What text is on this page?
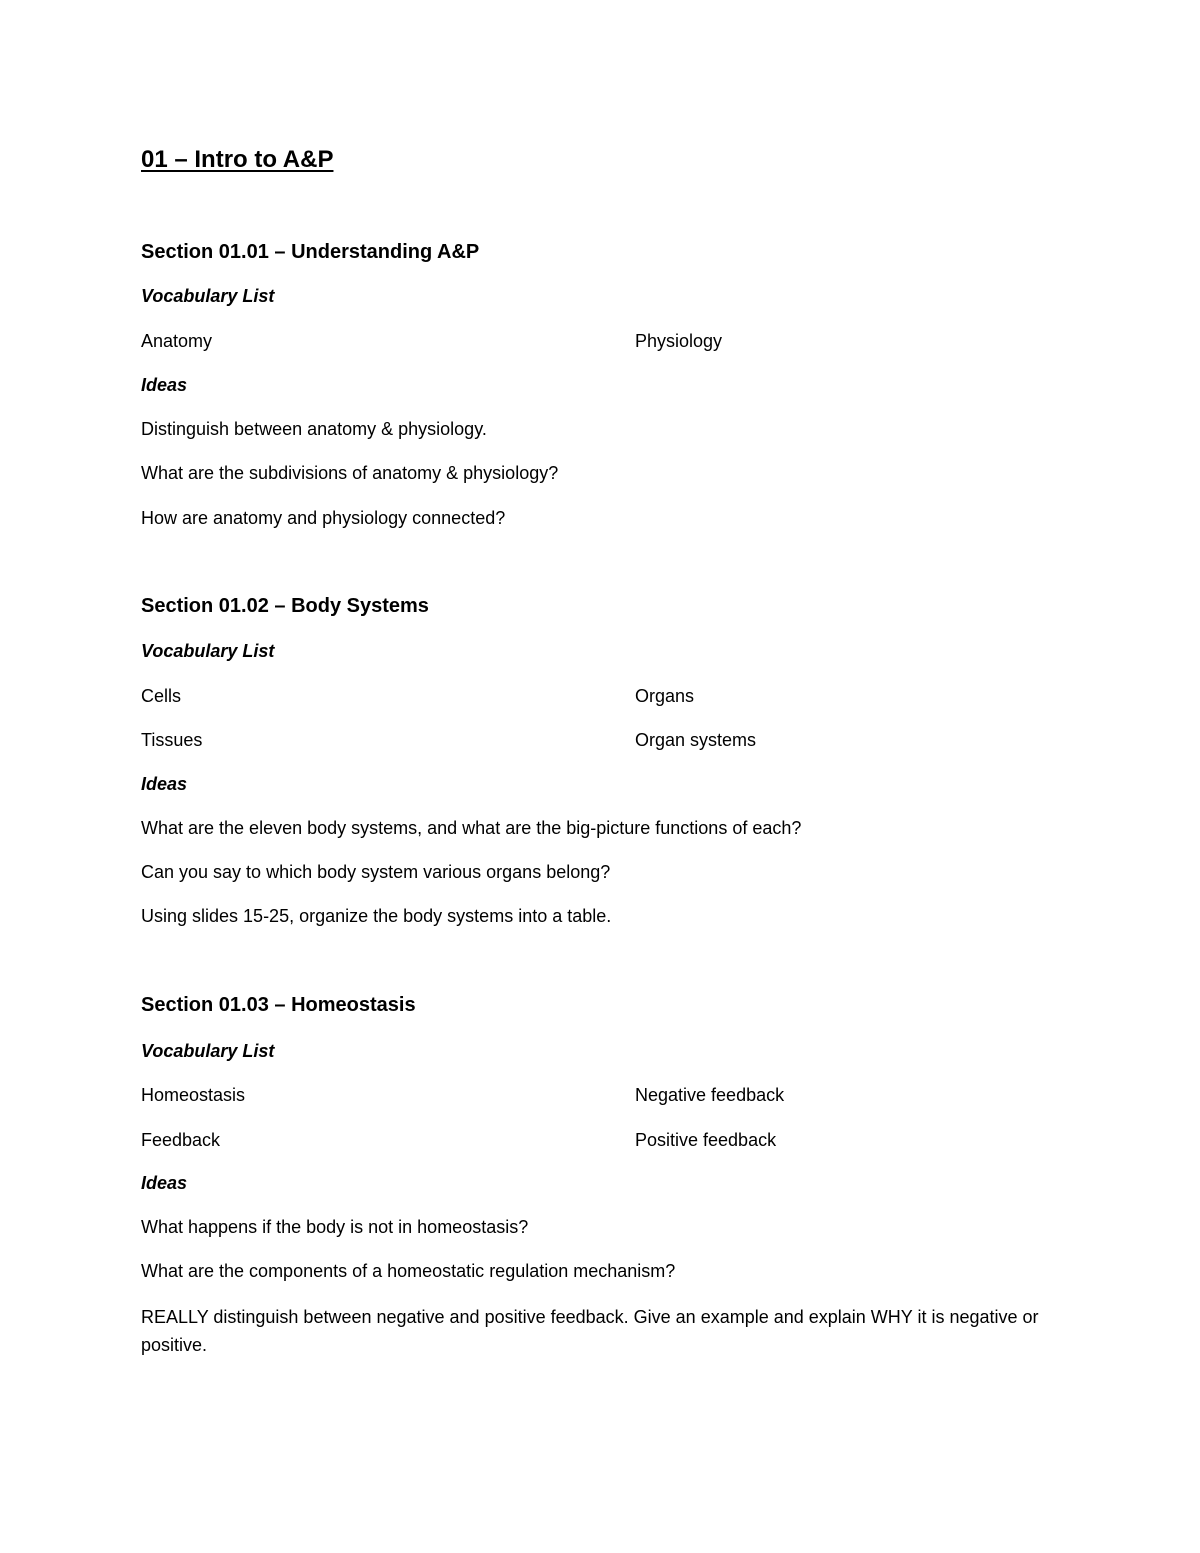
01 – Intro to A&P
Section 01.01 – Understanding A&P
Vocabulary List
Anatomy	Physiology
Ideas
Distinguish between anatomy & physiology.
What are the subdivisions of anatomy & physiology?
How are anatomy and physiology connected?
Section 01.02 – Body Systems
Vocabulary List
Cells	Organs
Tissues	Organ systems
Ideas
What are the eleven body systems, and what are the big-picture functions of each?
Can you say to which body system various organs belong?
Using slides 15-25, organize the body systems into a table.
Section 01.03 – Homeostasis
Vocabulary List
Homeostasis	Negative feedback
Feedback	Positive feedback
Ideas
What happens if the body is not in homeostasis?
What are the components of a homeostatic regulation mechanism?
REALLY distinguish between negative and positive feedback. Give an example and explain WHY it is negative or positive.
